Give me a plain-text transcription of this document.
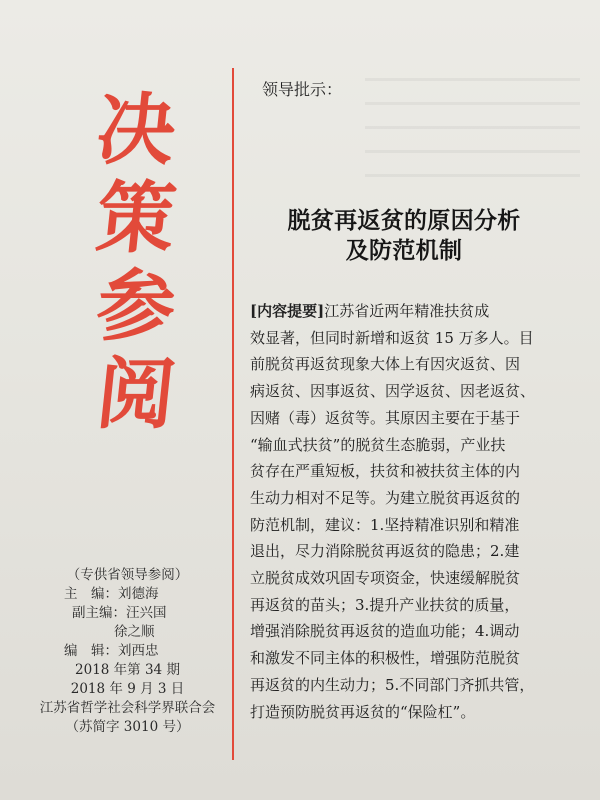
决
策
参
阅
（专供省领导参阅）
主　编：刘德海
副主编：汪兴国
徐之顺
编　辑：刘西忠
2018 年第 34 期
2018 年 9 月 3 日
江苏省哲学社会科学界联合会
（苏简字 3010 号）
领导批示：
脱贫再返贫的原因分析
及防范机制
[内容提要]江苏省近两年精准扶贫成
效显著，但同时新增和返贫 15 万多人。目
前脱贫再返贫现象大体上有因灾返贫、因
病返贫、因事返贫、因学返贫、因老返贫、
因赌（毒）返贫等。其原因主要在于基于
“输血式扶贫”的脱贫生态脆弱，产业扶
贫存在严重短板，扶贫和被扶贫主体的内
生动力相对不足等。为建立脱贫再返贫的
防范机制，建议：1.坚持精准识别和精准
退出，尽力消除脱贫再返贫的隐患；2.建
立脱贫成效巩固专项资金，快速缓解脱贫
再返贫的苗头；3.提升产业扶贫的质量，
增强消除脱贫再返贫的造血功能；4.调动
和激发不同主体的积极性，增强防范脱贫
再返贫的内生动力；5.不同部门齐抓共管，
打造预防脱贫再返贫的“保险杠”。
